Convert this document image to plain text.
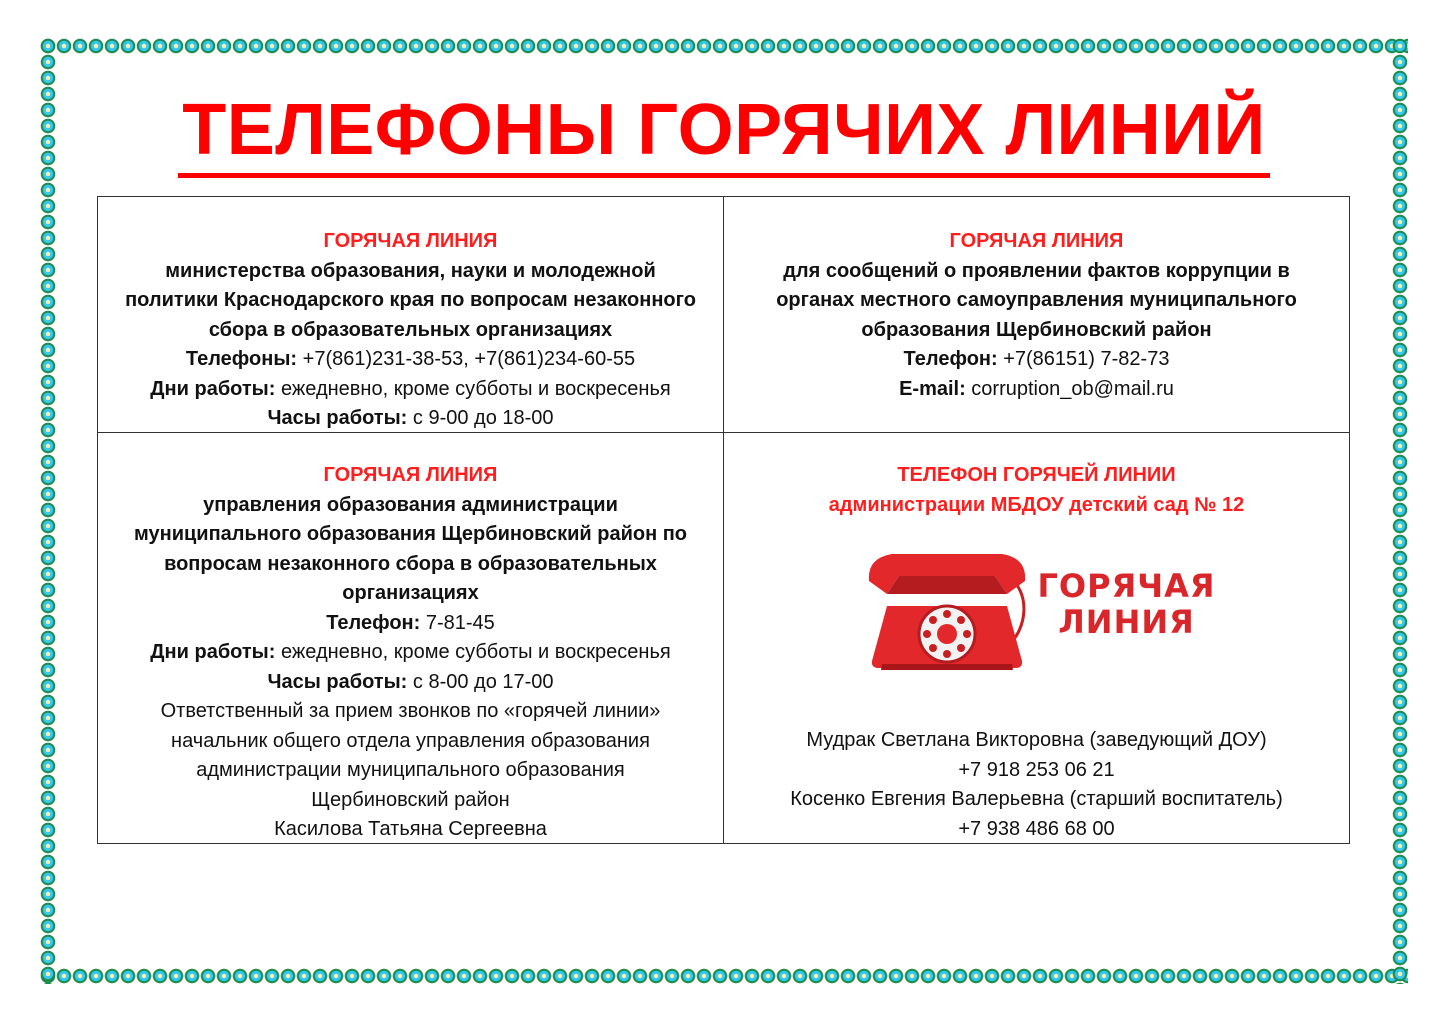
ТЕЛЕФОНЫ ГОРЯЧИХ ЛИНИЙ
ГОРЯЧАЯ ЛИНИЯ
министерства образования, науки и молодежной
политики Краснодарского края по вопросам незаконного
сбора в образовательных организациях
Телефоны: +7(861)231-38-53, +7(861)234-60-55
Дни работы: ежедневно, кроме субботы и воскресенья
Часы работы: с 9-00 до 18-00
ГОРЯЧАЯ ЛИНИЯ
для сообщений о проявлении фактов коррупции в
органах местного самоуправления муниципального
образования Щербиновский район
Телефон: +7(86151) 7-82-73
E-mail: corruption_ob@mail.ru
ГОРЯЧАЯ ЛИНИЯ
управления образования администрации
муниципального образования Щербиновский район по
вопросам незаконного сбора в образовательных
организациях
Телефон: 7-81-45
Дни работы: ежедневно, кроме субботы и воскресенья
Часы работы: с 8-00 до 17-00
Ответственный за прием звонков по «горячей линии»
начальник общего отдела управления образования
администрации муниципального образования
Щербиновский район
Касилова Татьяна Сергеевна
ТЕЛЕФОН ГОРЯЧЕЙ ЛИНИИ
администрации МБДОУ детский сад № 12
ГОРЯЧАЯ
ЛИНИЯ
Мудрак Светлана Викторовна (заведующий ДОУ)
+7 918 253 06 21
Косенко Евгения Валерьевна (старший воспитатель)
+7 938 486 68 00
